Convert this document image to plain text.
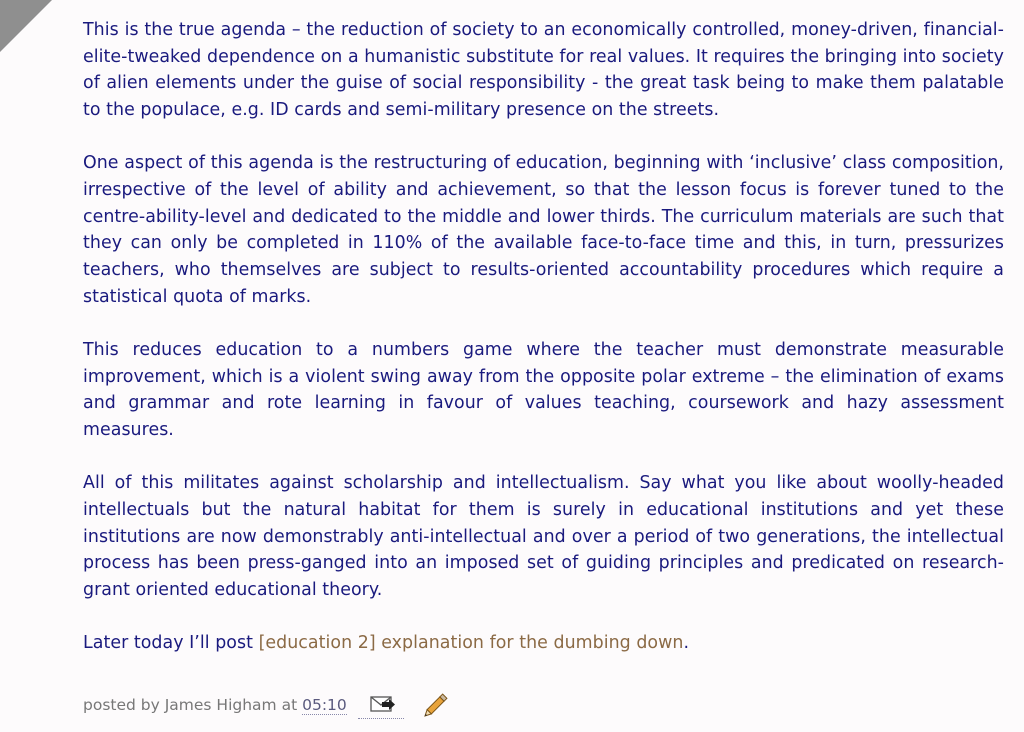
This is the true agenda – the reduction of society to an economically controlled, money-driven, financial-elite-tweaked dependence on a humanistic substitute for real values. It requires the bringing into society of alien elements under the guise of social responsibility - the great task being to make them palatable to the populace, e.g. ID cards and semi-military presence on the streets.

One aspect of this agenda is the restructuring of education, beginning with ‘inclusive’ class composition, irrespective of the level of ability and achievement, so that the lesson focus is forever tuned to the centre-ability-level and dedicated to the middle and lower thirds. The curriculum materials are such that they can only be completed in 110% of the available face-to-face time and this, in turn, pressurizes teachers, who themselves are subject to results-oriented accountability procedures which require a statistical quota of marks.

This reduces education to a numbers game where the teacher must demonstrate measurable improvement, which is a violent swing away from the opposite polar extreme – the elimination of exams and grammar and rote learning in favour of values teaching, coursework and hazy assessment measures.

All of this militates against scholarship and intellectualism. Say what you like about woolly-headed intellectuals but the natural habitat for them is surely in educational institutions and yet these institutions are now demonstrably anti-intellectual and over a period of two generations, the intellectual process has been press-ganged into an imposed set of guiding principles and predicated on research-grant oriented educational theory.

Later today I’ll post [education 2] explanation for the dumbing down.

posted by James Higham at 05:10
